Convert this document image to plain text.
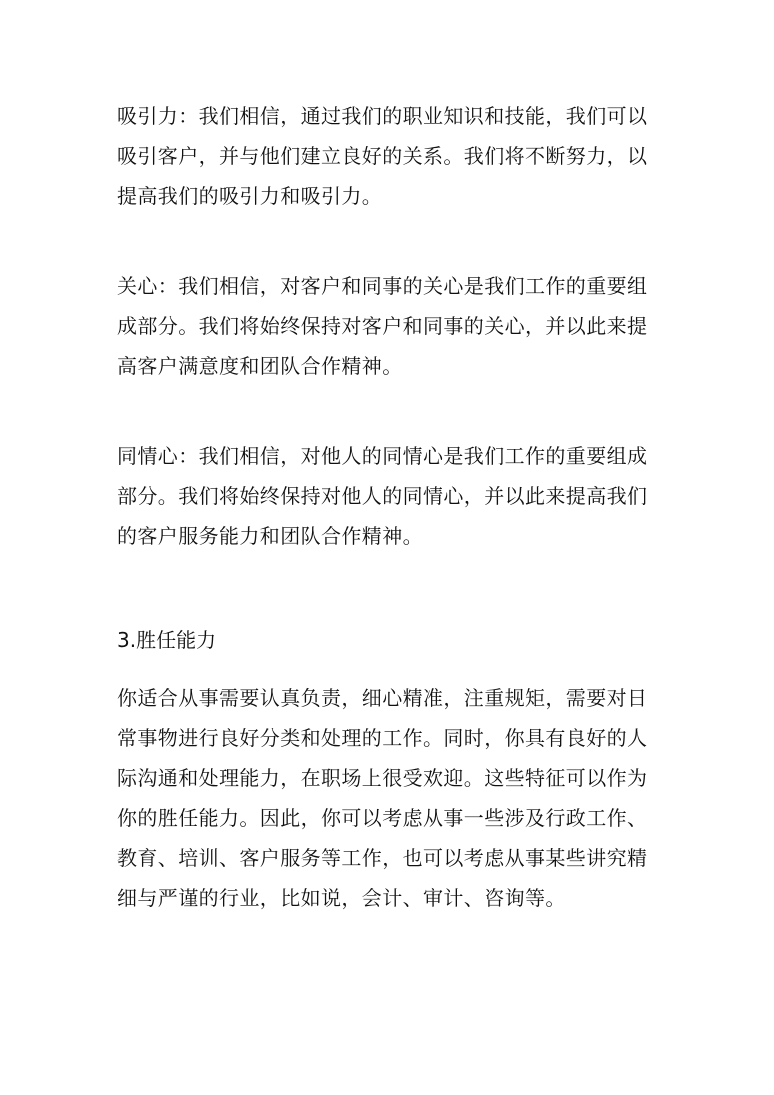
吸引力：我们相信，通过我们的职业知识和技能，我们可以吸引客户，并与他们建立良好的关系。我们将不断努力，以提高我们的吸引力和吸引力。

关心：我们相信，对客户和同事的关心是我们工作的重要组成部分。我们将始终保持对客户和同事的关心，并以此来提高客户满意度和团队合作精神。

同情心：我们相信，对他人的同情心是我们工作的重要组成部分。我们将始终保持对他人的同情心，并以此来提高我们的客户服务能力和团队合作精神。

3.胜任能力

你适合从事需要认真负责，细心精准，注重规矩，需要对日常事物进行良好分类和处理的工作。同时，你具有良好的人际沟通和处理能力，在职场上很受欢迎。这些特征可以作为你的胜任能力。因此，你可以考虑从事一些涉及行政工作、教育、培训、客户服务等工作，也可以考虑从事某些讲究精细与严谨的行业，比如说，会计、审计、咨询等。
